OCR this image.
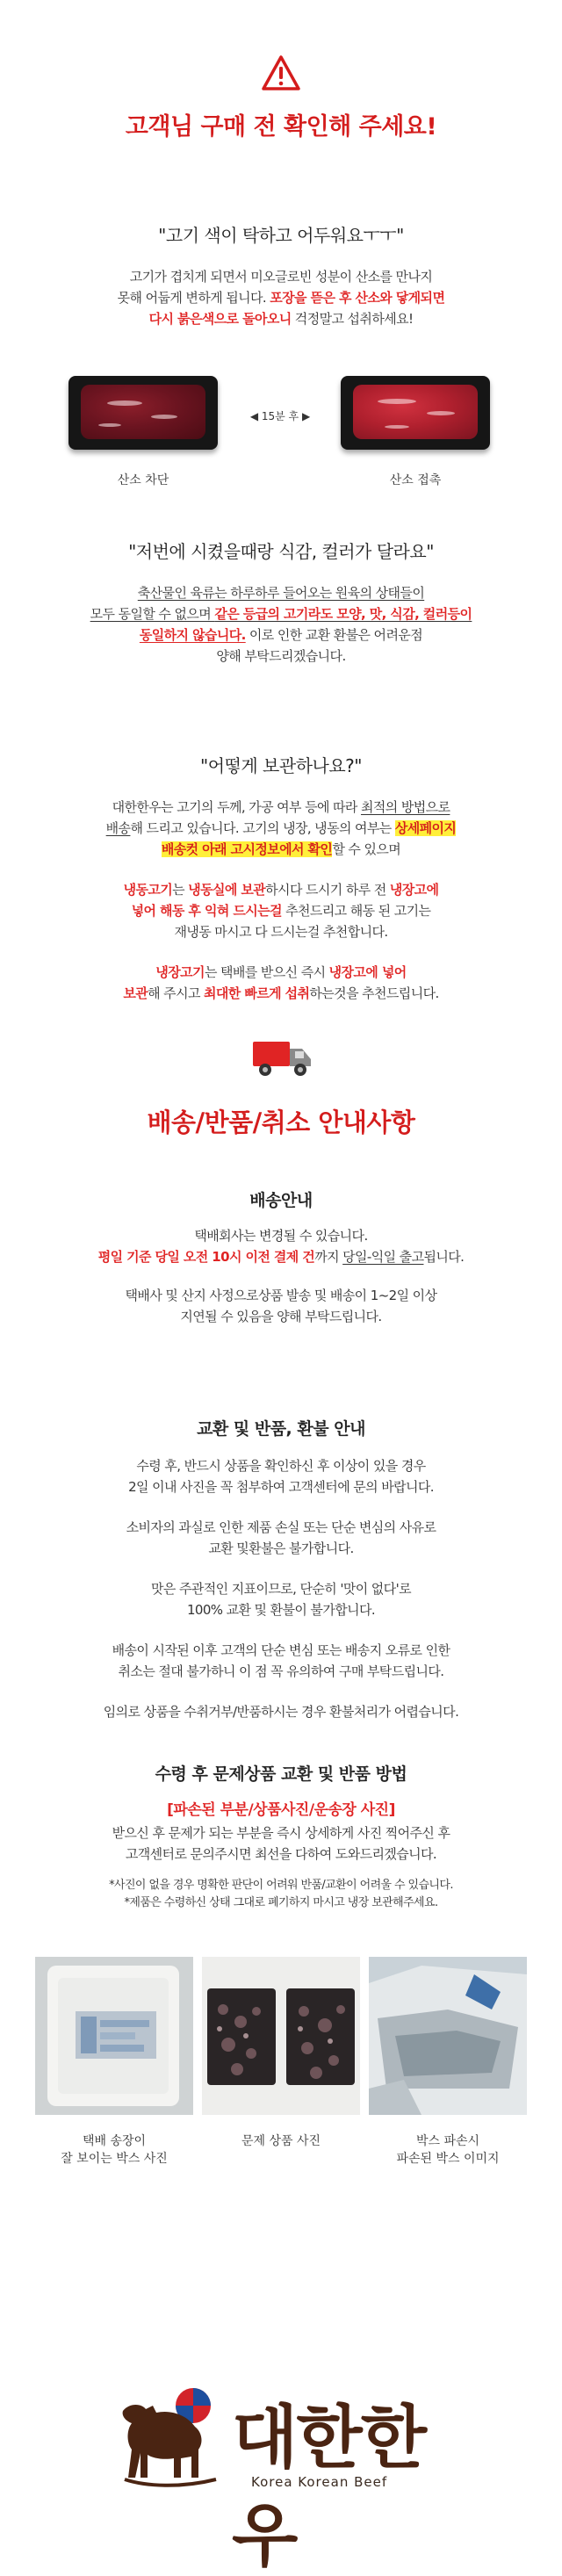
고객님 구매 전 확인해 주세요!
"고기 색이 탁하고 어두워요ㅜㅜ"
고기가 겹치게 되면서 미오글로빈 성분이 산소를 만나지
못해 어둡게 변하게 됩니다. 포장을 뜯은 후 산소와 닿게되면
다시 붉은색으로 돌아오니 걱정말고 섭취하세요!
◀ 15분 후 ▶
산소 차단	산소 접촉
"저번에 시켰을때랑 식감, 컬러가 달라요"
축산물인 육류는 하루하루 들어오는 원육의 상태들이
모두 동일할 수 없으며 같은 등급의 고기라도 모양, 맛, 식감, 컬러등이
동일하지 않습니다. 이로 인한 교환 환불은 어려운점
양해 부탁드리겠습니다.
"어떻게 보관하나요?"
대한한우는 고기의 두께, 가공 여부 등에 따라 최적의 방법으로
배송해 드리고 있습니다. 고기의 냉장, 냉동의 여부는 상세페이지
배송컷 아래 고시정보에서 확인할 수 있으며
냉동고기는 냉동실에 보관하시다 드시기 하루 전 냉장고에
넣어 해동 후 익혀 드시는걸 추천드리고 해동 된 고기는
재냉동 마시고 다 드시는걸 추천합니다.
냉장고기는 택배를 받으신 즉시 냉장고에 넣어
보관해 주시고 최대한 빠르게 섭취하는것을 추천드립니다.
배송/반품/취소 안내사항
배송안내
택배회사는 변경될 수 있습니다.
평일 기준 당일 오전 10시 이전 결제 건까지 당일-익일 출고됩니다.
택배사 및 산지 사정으로상품 발송 및 배송이 1~2일 이상
지연될 수 있음을 양해 부탁드립니다.
교환 및 반품, 환불 안내
수령 후, 반드시 상품을 확인하신 후 이상이 있을 경우
2일 이내 사진을 꼭 첨부하여 고객센터에 문의 바랍니다.
소비자의 과실로 인한 제품 손실 또는 단순 변심의 사유로
교환 및환불은 불가합니다.
맛은 주관적인 지표이므로, 단순히 '맛이 없다'로
100% 교환 및 환불이 불가합니다.
배송이 시작된 이후 고객의 단순 변심 또는 배송지 오류로 인한
취소는 절대 불가하니 이 점 꼭 유의하여 구매 부탁드립니다.
임의로 상품을 수취거부/반품하시는 경우 환불처리가 어렵습니다.
수령 후 문제상품 교환 및 반품 방법
[파손된 부분/상품사진/운송장 사진]
받으신 후 문제가 되는 부분을 즉시 상세하게 사진 찍어주신 후
고객센터로 문의주시면 최선을 다하여 도와드리겠습니다.
*사진이 없을 경우 명확한 판단이 어려워 반품/교환이 어려울 수 있습니다.
*제품은 수령하신 상태 그대로 폐기하지 마시고 냉장 보관해주세요.
택배 송장이
잘 보이는 박스 사진
문제 상품 사진	박스 파손시
파손된 박스 이미지
대한한우
Korea Korean Beef
